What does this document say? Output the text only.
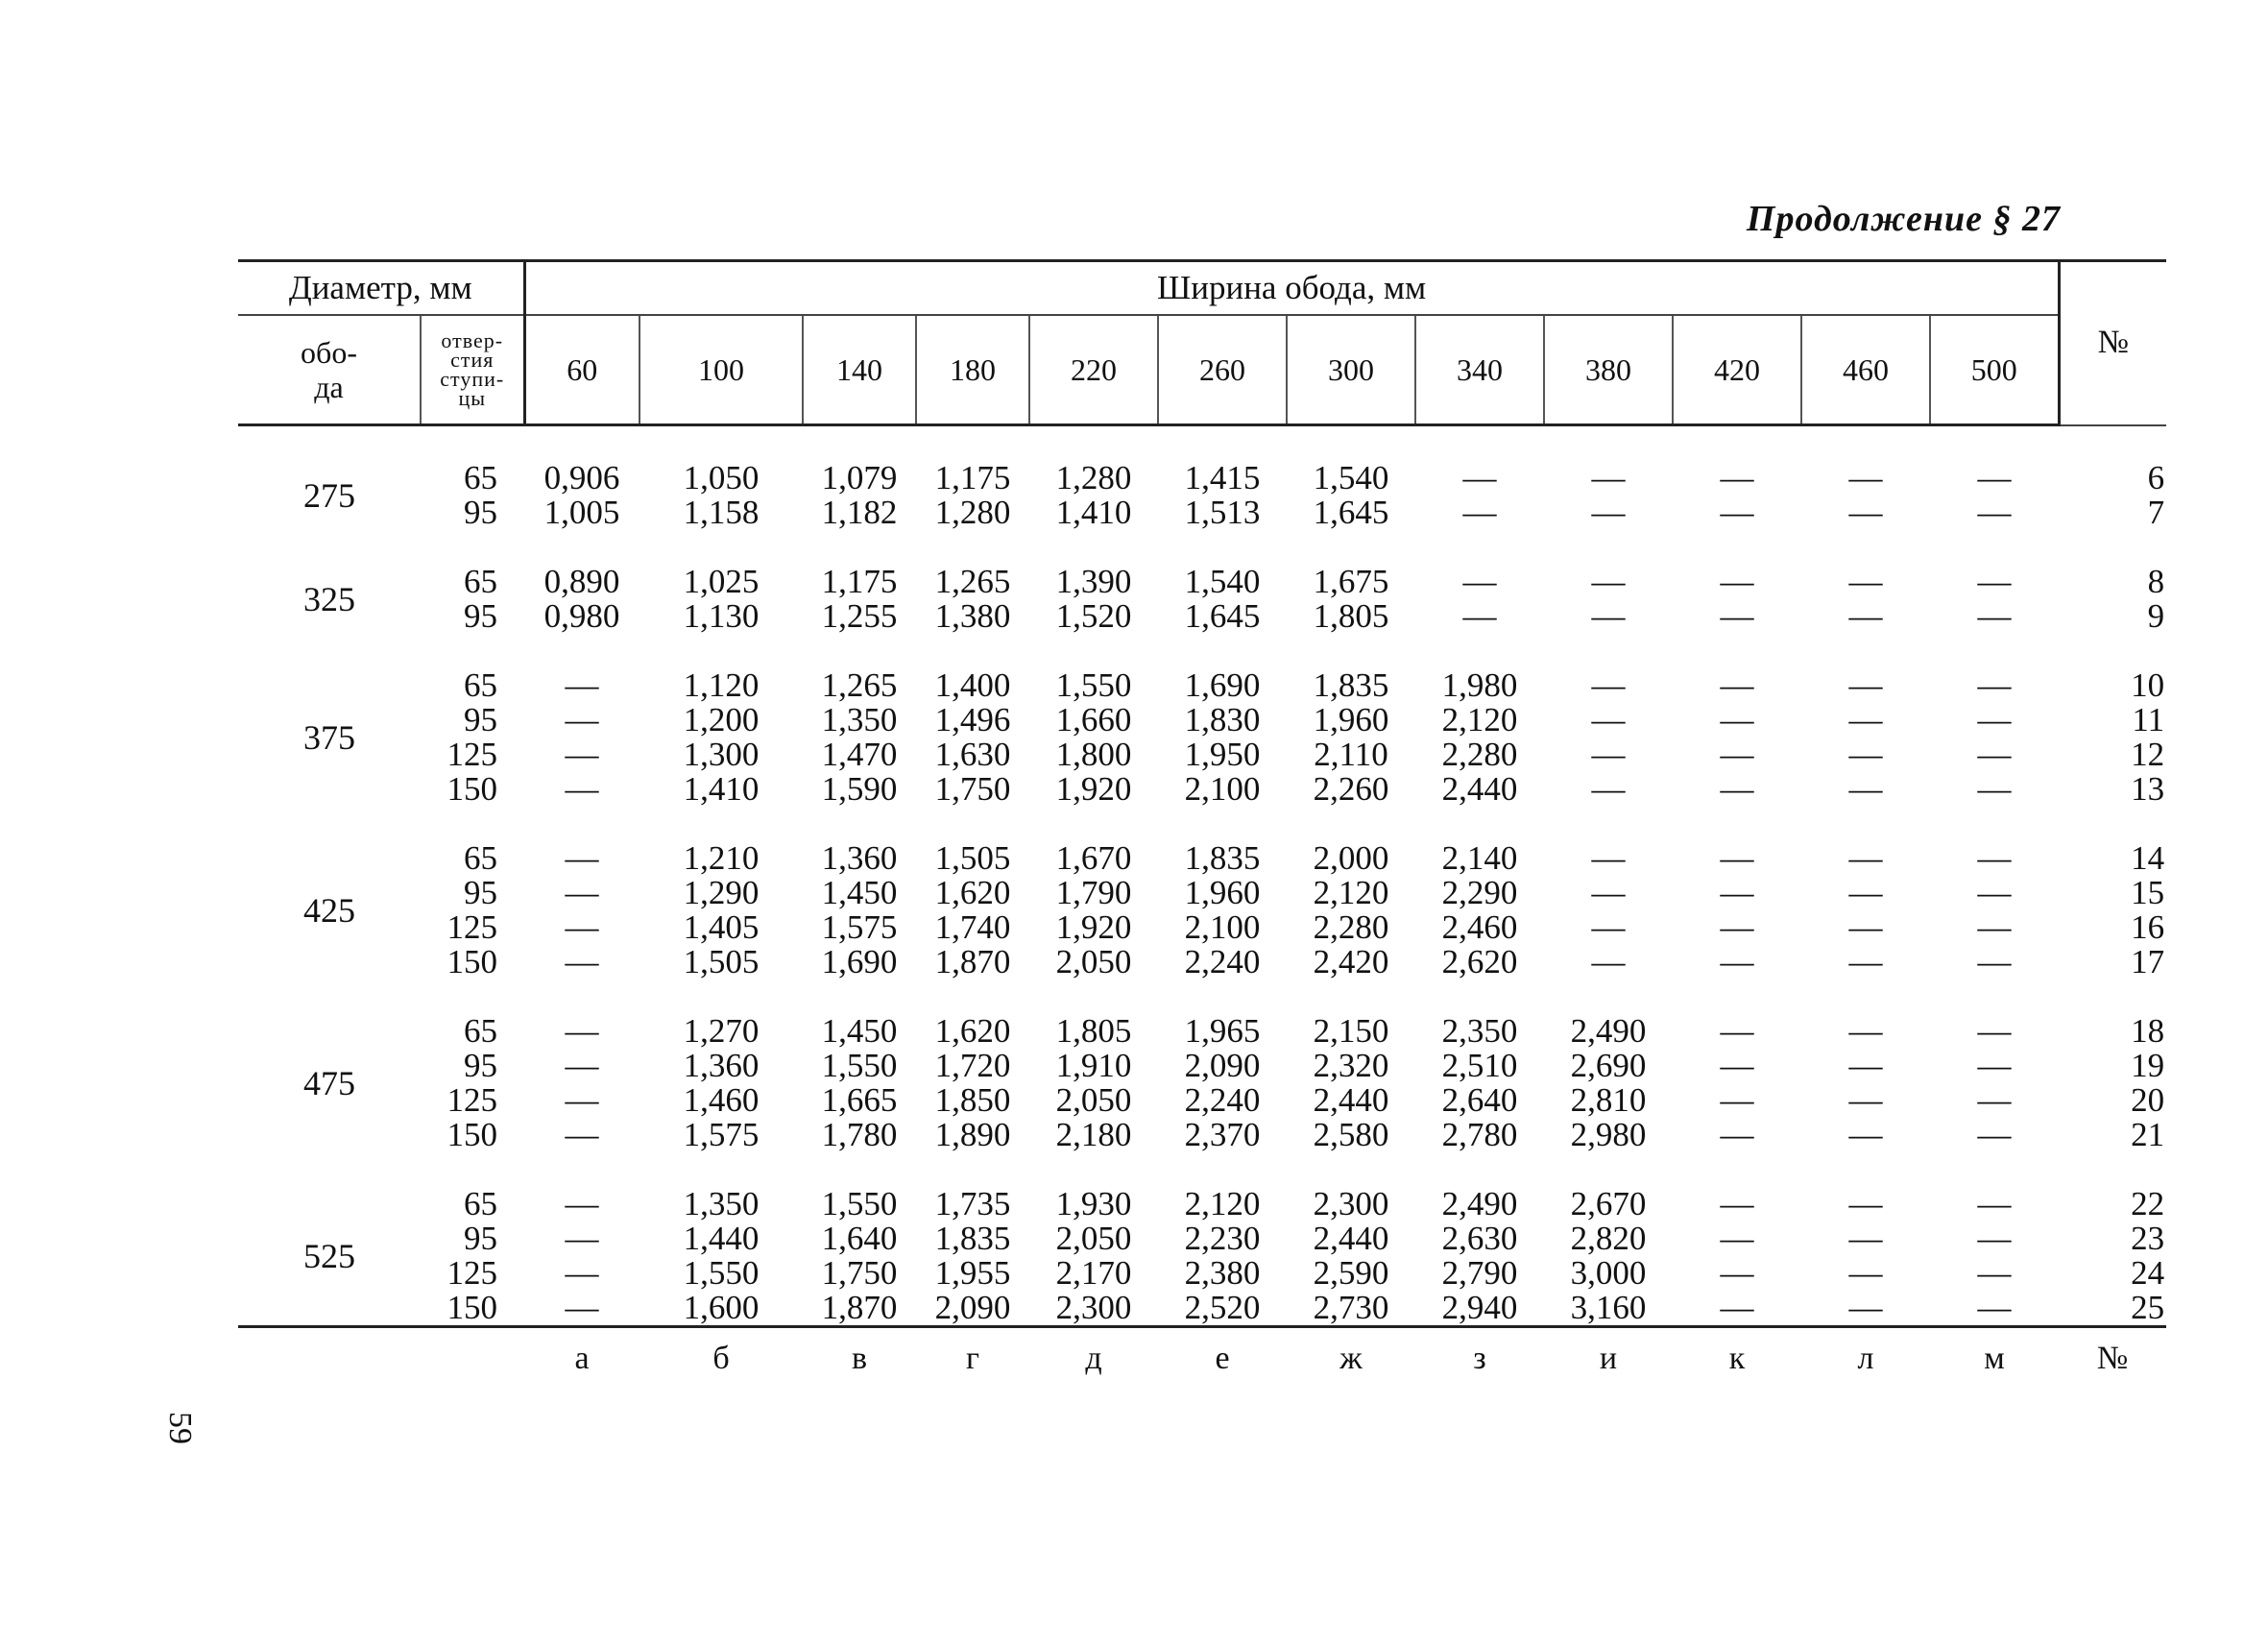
Продолжение § 27
59
Диаметр, мм		Ширина обода, мм												№
обо-
да	отвер-
стия
ступи-
цы	60	100	140	180	220	260	300	340	380	420	460	500	
275	65	0,906	1,050	1,079	1,175	1,280	1,415	1,540	—	—	—	—	—	6
	95	1,005	1,158	1,182	1,280	1,410	1,513	1,645	—	—	—	—	—	7
325	65	0,890	1,025	1,175	1,265	1,390	1,540	1,675	—	—	—	—	—	8
	95	0,980	1,130	1,255	1,380	1,520	1,645	1,805	—	—	—	—	—	9
375	65	—	1,120	1,265	1,400	1,550	1,690	1,835	1,980	—	—	—	—	10
	95	—	1,200	1,350	1,496	1,660	1,830	1,960	2,120	—	—	—	—	11
	125	—	1,300	1,470	1,630	1,800	1,950	2,110	2,280	—	—	—	—	12
	150	—	1,410	1,590	1,750	1,920	2,100	2,260	2,440	—	—	—	—	13
425	65	—	1,210	1,360	1,505	1,670	1,835	2,000	2,140	—	—	—	—	14
	95	—	1,290	1,450	1,620	1,790	1,960	2,120	2,290	—	—	—	—	15
	125	—	1,405	1,575	1,740	1,920	2,100	2,280	2,460	—	—	—	—	16
	150	—	1,505	1,690	1,870	2,050	2,240	2,420	2,620	—	—	—	—	17
475	65	—	1,270	1,450	1,620	1,805	1,965	2,150	2,350	2,490	—	—	—	18
	95	—	1,360	1,550	1,720	1,910	2,090	2,320	2,510	2,690	—	—	—	19
	125	—	1,460	1,665	1,850	2,050	2,240	2,440	2,640	2,810	—	—	—	20
	150	—	1,575	1,780	1,890	2,180	2,370	2,580	2,780	2,980	—	—	—	21
525	65	—	1,350	1,550	1,735	1,930	2,120	2,300	2,490	2,670	—	—	—	22
	95	—	1,440	1,640	1,835	2,050	2,230	2,440	2,630	2,820	—	—	—	23
	125	—	1,550	1,750	1,955	2,170	2,380	2,590	2,790	3,000	—	—	—	24
	150	—	1,600	1,870	2,090	2,300	2,520	2,730	2,940	3,160	—	—	—	25
		а	б	в	г	д	е	ж	з	и	к	л	м	№
